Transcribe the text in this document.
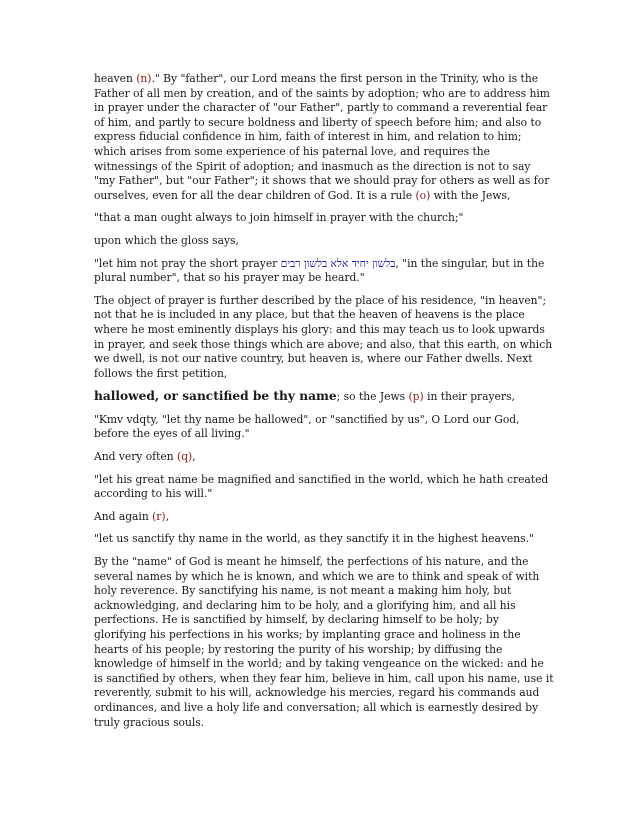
heaven (n)." By "father", our Lord means the first person in the Trinity, who is the Father of all men by creation, and of the saints by adoption; who are to address him in prayer under the character of "our Father", partly to command a reverential fear of him, and partly to secure boldness and liberty of speech before him; and also to express fiducial confidence in him, faith of interest in him, and relation to him; which arises from some experience of his paternal love, and requires the witnessings of the Spirit of adoption; and inasmuch as the direction is not to say "my Father", but "our Father"; it shows that we should pray for others as well as for ourselves, even for all the dear children of God. It is a rule (o) with the Jews,

"that a man ought always to join himself in prayer with the church;"

upon which the gloss says,

"let him not pray the short prayer בלשון יחיד אלא בלשון רבים, "in the singular, but in the plural number", that so his prayer may be heard."

The object of prayer is further described by the place of his residence, "in heaven"; not that he is included in any place, but that the heaven of heavens is the place where he most eminently displays his glory: and this may teach us to look upwards in prayer, and seek those things which are above; and also, that this earth, on which we dwell, is not our native country, but heaven is, where our Father dwells. Next follows the first petition,

hallowed, or sanctified be thy name; so the Jews (p) in their prayers,

"Kmv vdqty, "let thy name be hallowed", or "sanctified by us", O Lord our God, before the eyes of all living."

And very often (q),

"let his great name be magnified and sanctified in the world, which he hath created according to his will."

And again (r),

"let us sanctify thy name in the world, as they sanctify it in the highest heavens."

By the "name" of God is meant he himself, the perfections of his nature, and the several names by which he is known, and which we are to think and speak of with holy reverence. By sanctifying his name, is not meant a making him holy, but acknowledging, and declaring him to be holy, and a glorifying him, and all his perfections. He is sanctified by himself, by declaring himself to be holy; by glorifying his perfections in his works; by implanting grace and holiness in the hearts of his people; by restoring the purity of his worship; by diffusing the knowledge of himself in the world; and by taking vengeance on the wicked: and he is sanctified by others, when they fear him, believe in him, call upon his name, use it reverently, submit to his will, acknowledge his mercies, regard his commands aud ordinances, and live a holy life and conversation; all which is earnestly desired by truly gracious souls.
